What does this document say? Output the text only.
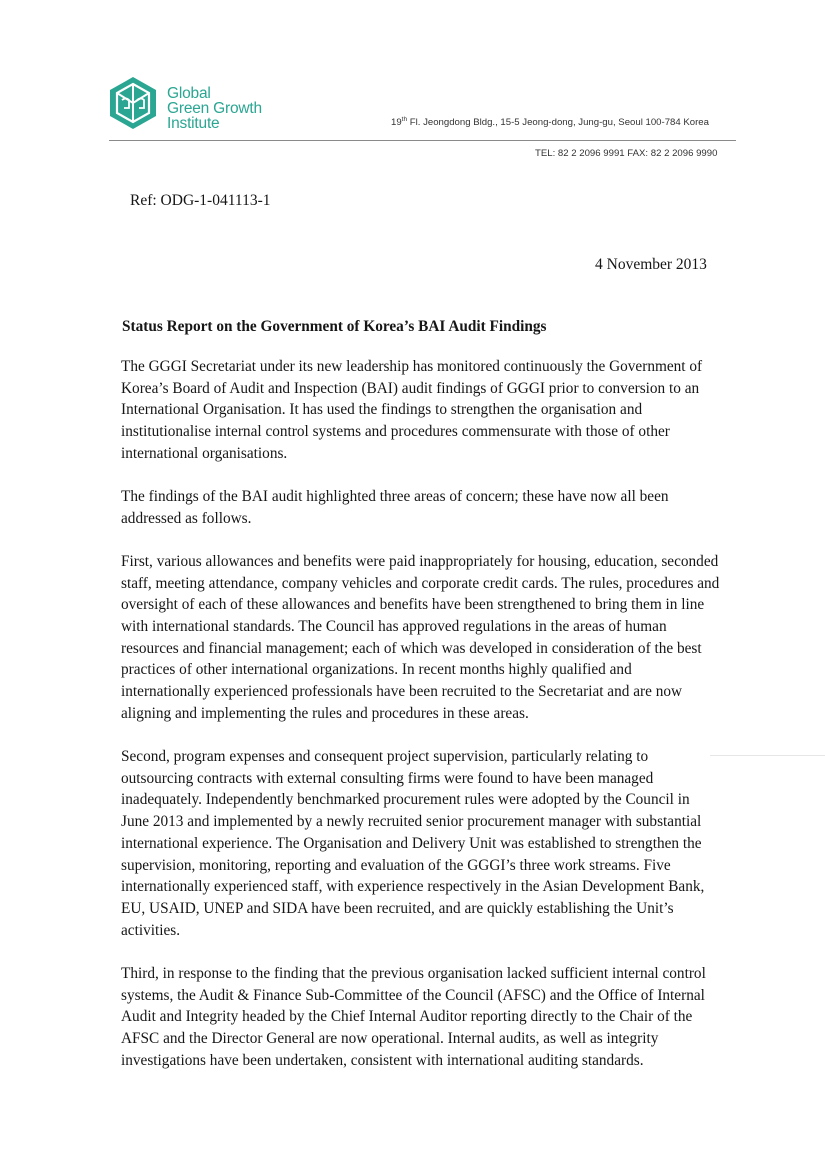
Global
Green Growth
Institute	19th Fl. Jeongdong Bldg., 15-5 Jeong-dong, Jung-gu, Seoul 100-784 Korea
TEL: 82 2 2096 9991 FAX: 82 2 2096 9990
Ref: ODG-1-041113-1
4 November 2013
Status Report on the Government of Korea’s BAI Audit Findings

The GGGI Secretariat under its new leadership has monitored continuously the Government of Korea’s Board of Audit and Inspection (BAI) audit findings of GGGI prior to conversion to an International Organisation. It has used the findings to strengthen the organisation and institutionalise internal control systems and procedures commensurate with those of other international organisations.

The findings of the BAI audit highlighted three areas of concern; these have now all been addressed as follows.

First, various allowances and benefits were paid inappropriately for housing, education, seconded staff, meeting attendance, company vehicles and corporate credit cards. The rules, procedures and oversight of each of these allowances and benefits have been strengthened to bring them in line with international standards. The Council has approved regulations in the areas of human resources and financial management; each of which was developed in consideration of the best practices of other international organizations. In recent months highly qualified and internationally experienced professionals have been recruited to the Secretariat and are now aligning and implementing the rules and procedures in these areas.

Second, program expenses and consequent project supervision, particularly relating to outsourcing contracts with external consulting firms were found to have been managed inadequately. Independently benchmarked procurement rules were adopted by the Council in June 2013 and implemented by a newly recruited senior procurement manager with substantial international experience. The Organisation and Delivery Unit was established to strengthen the supervision, monitoring, reporting and evaluation of the GGGI’s three work streams. Five internationally experienced staff, with experience respectively in the Asian Development Bank, EU, USAID, UNEP and SIDA have been recruited, and are quickly establishing the Unit’s activities.

Third, in response to the finding that the previous organisation lacked sufficient internal control systems, the Audit & Finance Sub-Committee of the Council (AFSC) and the Office of Internal Audit and Integrity headed by the Chief Internal Auditor reporting directly to the Chair of the AFSC and the Director General are now operational. Internal audits, as well as integrity investigations have been undertaken, consistent with international auditing standards.
